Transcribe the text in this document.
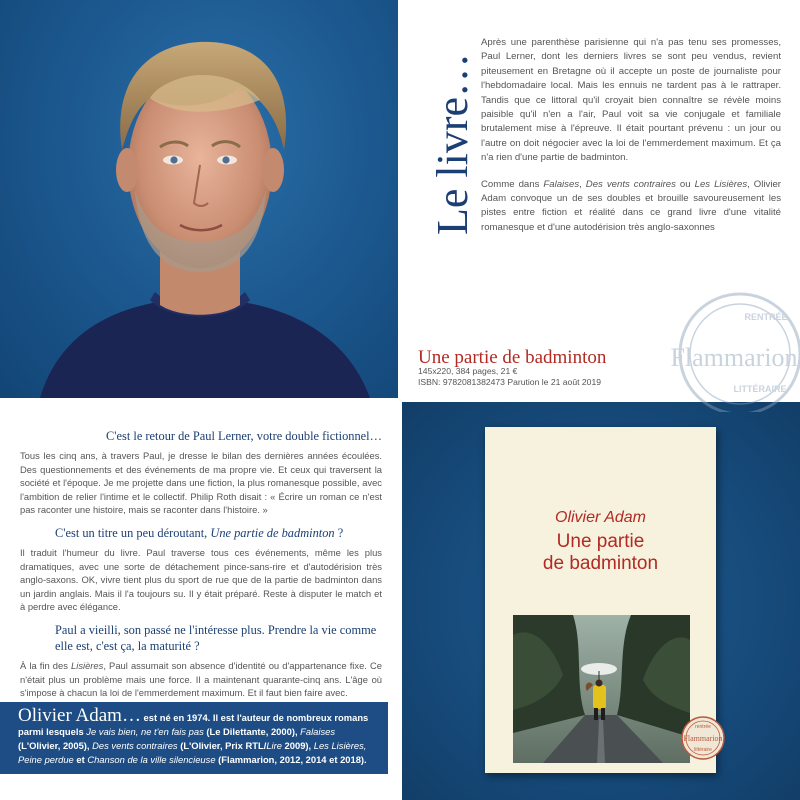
Le livre…

Après une parenthèse parisienne qui n'a pas tenu ses promesses, Paul Lerner, dont les derniers livres se sont peu vendus, revient piteusement en Bretagne où il accepte un poste de journaliste pour l'hebdomadaire local. Mais les ennuis ne tardent pas à le rattraper. Tandis que ce littoral qu'il croyait bien connaître se révèle moins paisible qu'il n'en a l'air, Paul voit sa vie conjugale et familiale brutalement mise à l'épreuve. Il était pourtant prévenu : un jour ou l'autre on doit négocier avec la loi de l'emmerdement maximum. Et ça n'a rien d'une partie de badminton.

Comme dans Falaises, Des vents contraires ou Les Lisières, Olivier Adam convoque un de ses doubles et brouille savoureusement les pistes entre fiction et réalité dans ce grand livre d'une vitalité romanesque et d'une autodérision très anglo-saxonnes

RENTRÉE
Flammarion
LITTÉRAIRE
Une partie de badminton
145x220, 384 pages, 21 €
ISBN: 9782081382473 Parution le 21 août 2019
C'est le retour de Paul Lerner, votre double fictionnel…
Tous les cinq ans, à travers Paul, je dresse le bilan des dernières années écoulées. Des questionnements et des événements de ma propre vie. Et ceux qui traversent la société et l'époque. Je me projette dans une fiction, la plus romanesque possible, avec l'ambition de relier l'intime et le collectif. Philip Roth disait : « Écrire un roman ce n'est pas raconter une histoire, mais se raconter dans l'histoire. »
C'est un titre un peu déroutant, Une partie de badminton ?
Il traduit l'humeur du livre. Paul traverse tous ces événements, même les plus dramatiques, avec une sorte de détachement pince-sans-rire et d'autodérision très anglo-saxons. OK, vivre tient plus du sport de rue que de la partie de badminton dans un jardin anglais. Mais il l'a toujours su. Il y était préparé. Reste à disputer le match et à perdre avec élégance.
Paul a vieilli, son passé ne l'intéresse plus. Prendre la vie comme elle est, c'est ça, la maturité ?
À la fin des Lisières, Paul assumait son absence d'identité ou d'appartenance fixe. Ce n'était plus un problème mais une force. Il a maintenant quarante-cinq ans. L'âge où s'impose à chacun la loi de l'emmerdement maximum. Et il faut bien faire avec.
Olivier Adam… est né en 1974. Il est l'auteur de nombreux romans parmi lesquels Je vais bien, ne t'en fais pas (Le Dilettante, 2000), Falaises (L'Olivier, 2005), Des vents contraires (L'Olivier, Prix RTL/Lire 2009), Les Lisières, Peine perdue et Chanson de la ville silencieuse (Flammarion, 2012, 2014 et 2018).
Olivier Adam
Une partie
de badminton
rentrée
Flammarion
littéraire
